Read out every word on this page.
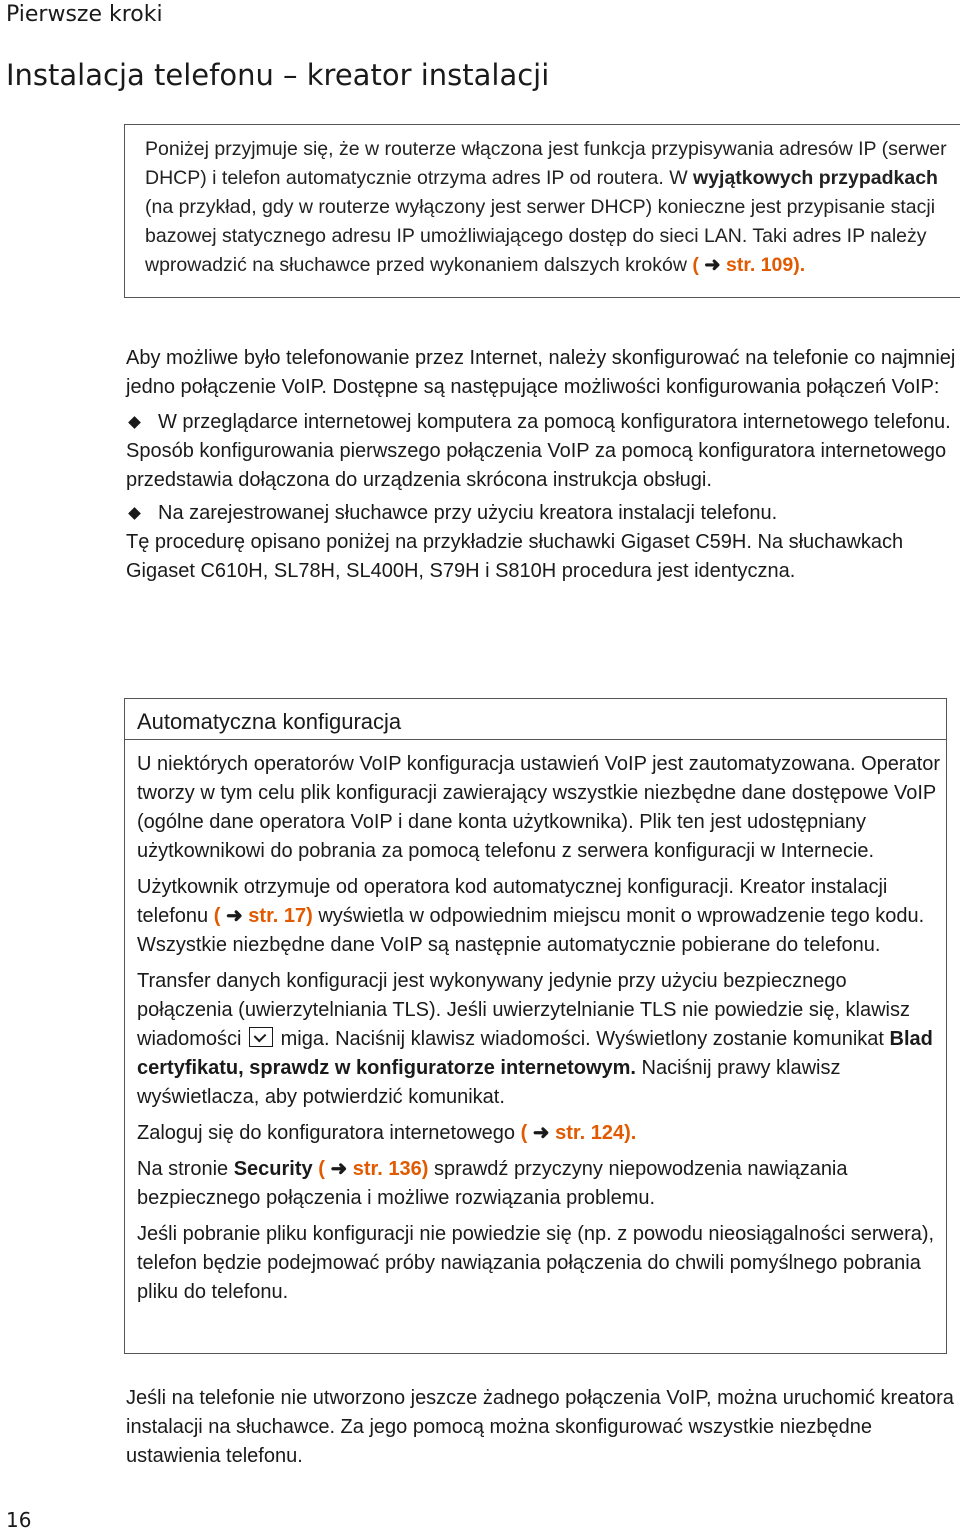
Pierwsze kroki
Instalacja telefonu – kreator instalacji
Poniżej przyjmuje się, że w routerze włączona jest funkcja przypisywania adresów IP (serwer DHCP) i telefon automatycznie otrzyma adres IP od routera. W wyjątkowych przypadkach (na przykład, gdy w routerze wyłączony jest serwer DHCP) konieczne jest przypisanie stacji bazowej statycznego adresu IP umożliwiającego dostęp do sieci LAN. Taki adres IP należy wprowadzić na słuchawce przed wykonaniem dalszych kroków ( ➜ str. 109).

Aby możliwe było telefonowanie przez Internet, należy skonfigurować na telefonie co najmniej jedno połączenie VoIP. Dostępne są następujące możliwości konfigurowania połączeń VoIP:

W przeglądarce internetowej komputera za pomocą konfiguratora internetowego telefonu.

Sposób konfigurowania pierwszego połączenia VoIP za pomocą konfiguratora internetowego przedstawia dołączona do urządzenia skrócona instrukcja obsługi.

Na zarejestrowanej słuchawce przy użyciu kreatora instalacji telefonu.

Tę procedurę opisano poniżej na przykładzie słuchawki Gigaset C59H. Na słuchawkach Gigaset C610H, SL78H, SL400H, S79H i S810H procedura jest identyczna.

Automatyczna konfiguracja

U niektórych operatorów VoIP konfiguracja ustawień VoIP jest zautomatyzowana. Operator tworzy w tym celu plik konfiguracji zawierający wszystkie niezbędne dane dostępowe VoIP (ogólne dane operatora VoIP i dane konta użytkownika). Plik ten jest udostępniany użytkownikowi do pobrania za pomocą telefonu z serwera konfiguracji w Internecie.

Użytkownik otrzymuje od operatora kod automatycznej konfiguracji. Kreator instalacji telefonu ( ➜ str. 17) wyświetla w odpowiednim miejscu monit o wprowadzenie tego kodu. Wszystkie niezbędne dane VoIP są następnie automatycznie pobierane do telefonu.

Transfer danych konfiguracji jest wykonywany jedynie przy użyciu bezpiecznego połączenia (uwierzytelniania TLS). Jeśli uwierzytelnianie TLS nie powiedzie się, klawisz wiadomości  miga. Naciśnij klawisz wiadomości. Wyświetlony zostanie komunikat Blad certyfikatu, sprawdz w konfiguratorze internetowym. Naciśnij prawy klawisz wyświetlacza, aby potwierdzić komunikat.

Zaloguj się do konfiguratora internetowego ( ➜ str. 124).

Na stronie Security ( ➜ str. 136) sprawdź przyczyny niepowodzenia nawiązania bezpiecznego połączenia i możliwe rozwiązania problemu.

Jeśli pobranie pliku konfiguracji nie powiedzie się (np. z powodu nieosiągalności serwera), telefon będzie podejmować próby nawiązania połączenia do chwili pomyślnego pobrania pliku do telefonu.

Jeśli na telefonie nie utworzono jeszcze żadnego połączenia VoIP, można uruchomić kreatora instalacji na słuchawce. Za jego pomocą można skonfigurować wszystkie niezbędne ustawienia telefonu.
16
